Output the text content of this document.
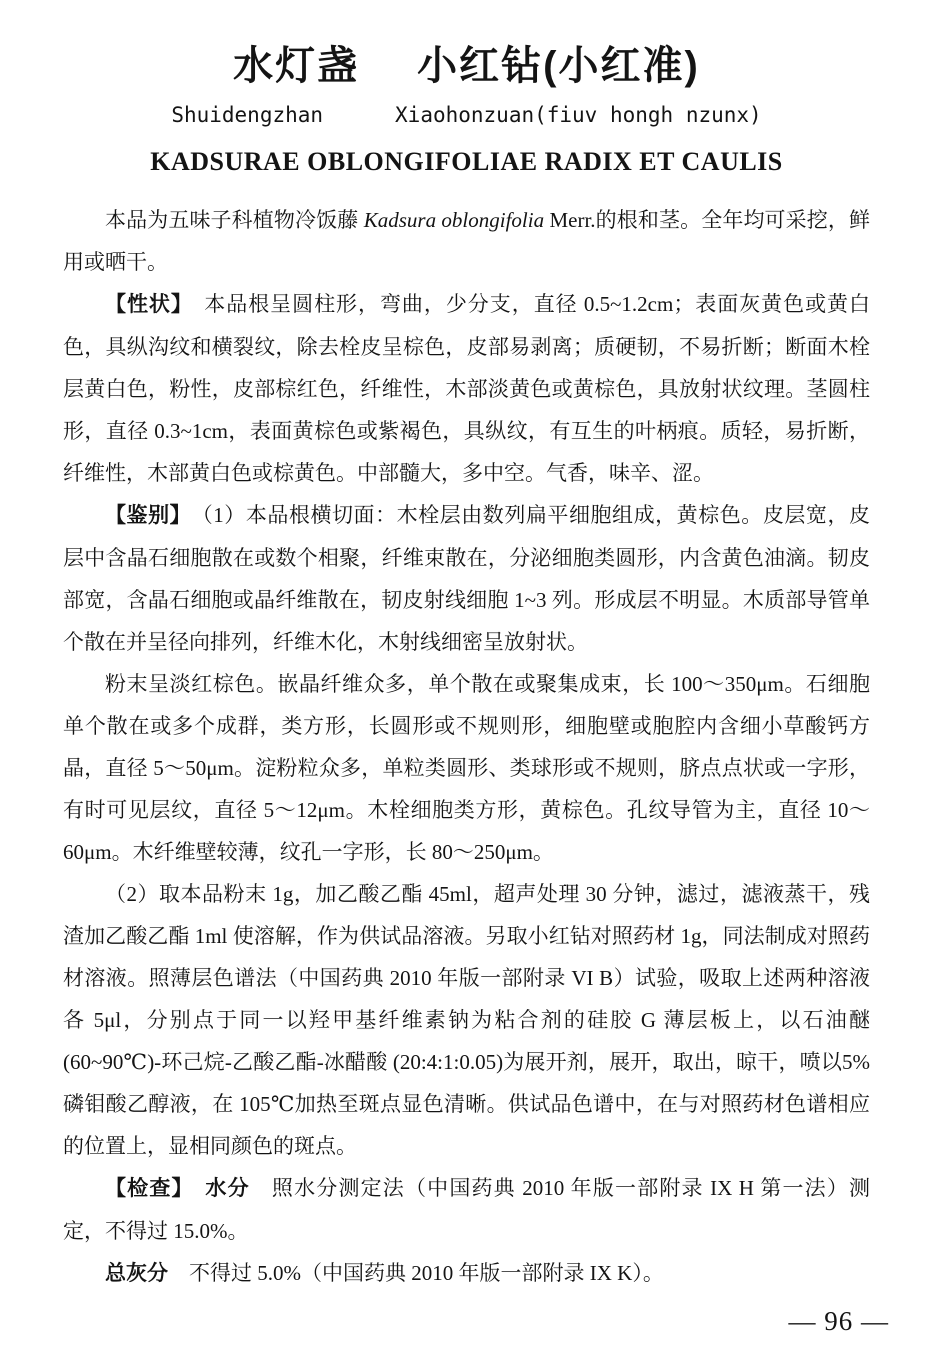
水灯盏 小红钻(小红准)
Shuidengzhan	Xiaohonzuan(fiuv hongh nzunx)
KADSURAE OBLONGIFOLIAE RADIX ET CAULIS

本品为五味子科植物冷饭藤 Kadsura oblongifolia Merr.的根和茎。全年均可采挖，鲜用或晒干。

【性状】　本品根呈圆柱形，弯曲，少分支，直径 0.5~1.2cm；表面灰黄色或黄白色，具纵沟纹和横裂纹，除去栓皮呈棕色，皮部易剥离；质硬韧，不易折断；断面木栓层黄白色，粉性，皮部棕红色，纤维性，木部淡黄色或黄棕色，具放射状纹理。茎圆柱形，直径 0.3~1cm，表面黄棕色或紫褐色，具纵纹，有互生的叶柄痕。质轻，易折断，纤维性，木部黄白色或棕黄色。中部髓大，多中空。气香，味辛、涩。

【鉴别】　（1）本品根横切面：木栓层由数列扁平细胞组成，黄棕色。皮层宽，皮层中含晶石细胞散在或数个相聚，纤维束散在，分泌细胞类圆形，内含黄色油滴。韧皮部宽，含晶石细胞或晶纤维散在，韧皮射线细胞 1~3 列。形成层不明显。木质部导管单个散在并呈径向排列，纤维木化，木射线细密呈放射状。

粉末呈淡红棕色。嵌晶纤维众多，单个散在或聚集成束，长 100～350μm。石细胞单个散在或多个成群，类方形，长圆形或不规则形，细胞壁或胞腔内含细小草酸钙方晶，直径 5～50μm。淀粉粒众多，单粒类圆形、类球形或不规则，脐点点状或一字形，有时可见层纹，直径 5～12μm。木栓细胞类方形，黄棕色。孔纹导管为主，直径 10～60μm。木纤维壁较薄，纹孔一字形，长 80～250μm。

（2）取本品粉末 1g，加乙酸乙酯 45ml，超声处理 30 分钟，滤过，滤液蒸干，残渣加乙酸乙酯 1ml 使溶解，作为供试品溶液。另取小红钻对照药材 1g，同法制成对照药材溶液。照薄层色谱法（中国药典 2010 年版一部附录 VI B）试验，吸取上述两种溶液各 5μl，分别点于同一以羟甲基纤维素钠为粘合剂的硅胶 G 薄层板上，以石油醚(60~90℃)-环己烷-乙酸乙酯-冰醋酸 (20:4:1:0.05)为展开剂，展开，取出，晾干，喷以5%磷钼酸乙醇液，在 105℃加热至斑点显色清晰。供试品色谱中，在与对照药材色谱相应的位置上，显相同颜色的斑点。

【检查】　 水分　照水分测定法（中国药典 2010 年版一部附录 IX H 第一法）测定，不得过 15.0%。

总灰分　不得过 5.0%（中国药典 2010 年版一部附录 IX K）。

— 96 —
